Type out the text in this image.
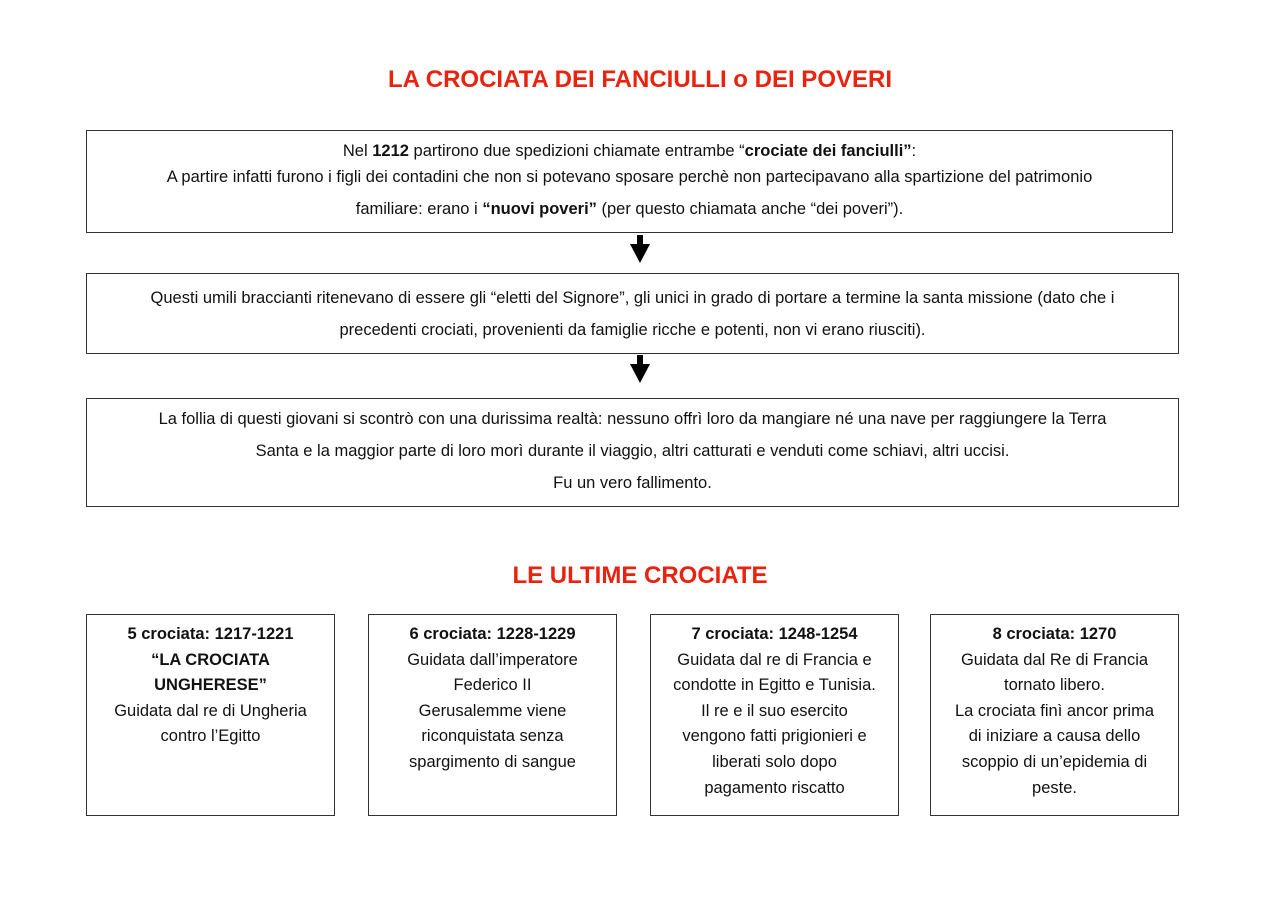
LA CROCIATA DEI FANCIULLI o DEI POVERI

Nel 1212 partirono due spedizioni chiamate entrambe “crociate dei fanciulli”:

A partire infatti furono i figli dei contadini che non si potevano sposare perchè non partecipavano alla spartizione del patrimonio

familiare: erano i “nuovi poveri” (per questo chiamata anche “dei poveri”).

Questi umili braccianti ritenevano di essere gli “eletti del Signore”, gli unici in grado di portare a termine la santa missione (dato che i

precedenti crociati, provenienti da famiglie ricche e potenti, non vi erano riusciti).

La follia di questi giovani si scontrò con una durissima realtà: nessuno offrì loro da mangiare né una nave per raggiungere la Terra

Santa e la maggior parte di loro morì durante il viaggio, altri catturati e venduti come schiavi, altri uccisi.

Fu un vero fallimento.

LE ULTIME CROCIATE

5 crociata: 1217-1221

“LA CROCIATA

UNGHERESE”

Guidata dal re di Ungheria

contro l’Egitto

6 crociata: 1228-1229

Guidata dall’imperatore

Federico II

Gerusalemme viene

riconquistata senza

spargimento di sangue

7 crociata: 1248-1254

Guidata dal re di Francia e

condotte in Egitto e Tunisia.

Il re e il suo esercito

vengono fatti prigionieri e

liberati solo dopo

pagamento riscatto

8 crociata: 1270

Guidata dal Re di Francia

tornato libero.

La crociata finì ancor prima

di iniziare a causa dello

scoppio di un’epidemia di

peste.
